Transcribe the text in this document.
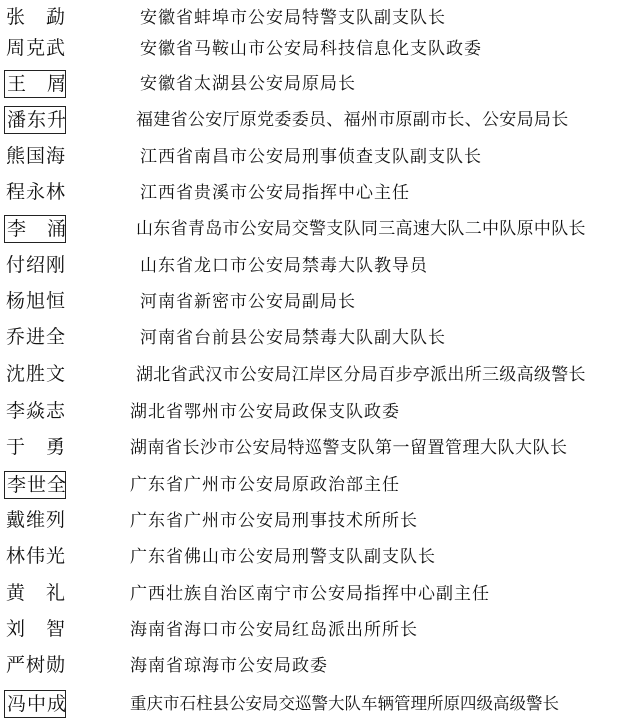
张　勐	安徽省蚌埠市公安局特警支队副支队长
周克武	安徽省马鞍山市公安局科技信息化支队政委
王　屑	安徽省太湖县公安局原局长
潘东升	福建省公安厅原党委委员、福州市原副市长、公安局局长
熊国海	江西省南昌市公安局刑事侦查支队副支队长
程永林	江西省贵溪市公安局指挥中心主任
李　涌	山东省青岛市公安局交警支队同三高速大队二中队原中队长
付绍刚	山东省龙口市公安局禁毒大队教导员
杨旭恒	河南省新密市公安局副局长
乔进全	河南省台前县公安局禁毒大队副大队长
沈胜文	湖北省武汉市公安局江岸区分局百步亭派出所三级高级警长
李焱志	湖北省鄂州市公安局政保支队政委
于　勇	湖南省长沙市公安局特巡警支队第一留置管理大队大队长
李世全	广东省广州市公安局原政治部主任
戴维列	广东省广州市公安局刑事技术所所长
林伟光	广东省佛山市公安局刑警支队副支队长
黄　礼	广西壮族自治区南宁市公安局指挥中心副主任
刘　智	海南省海口市公安局红岛派出所所长
严树勋	海南省琼海市公安局政委
冯中成	重庆市石柱县公安局交巡警大队车辆管理所原四级高级警长
